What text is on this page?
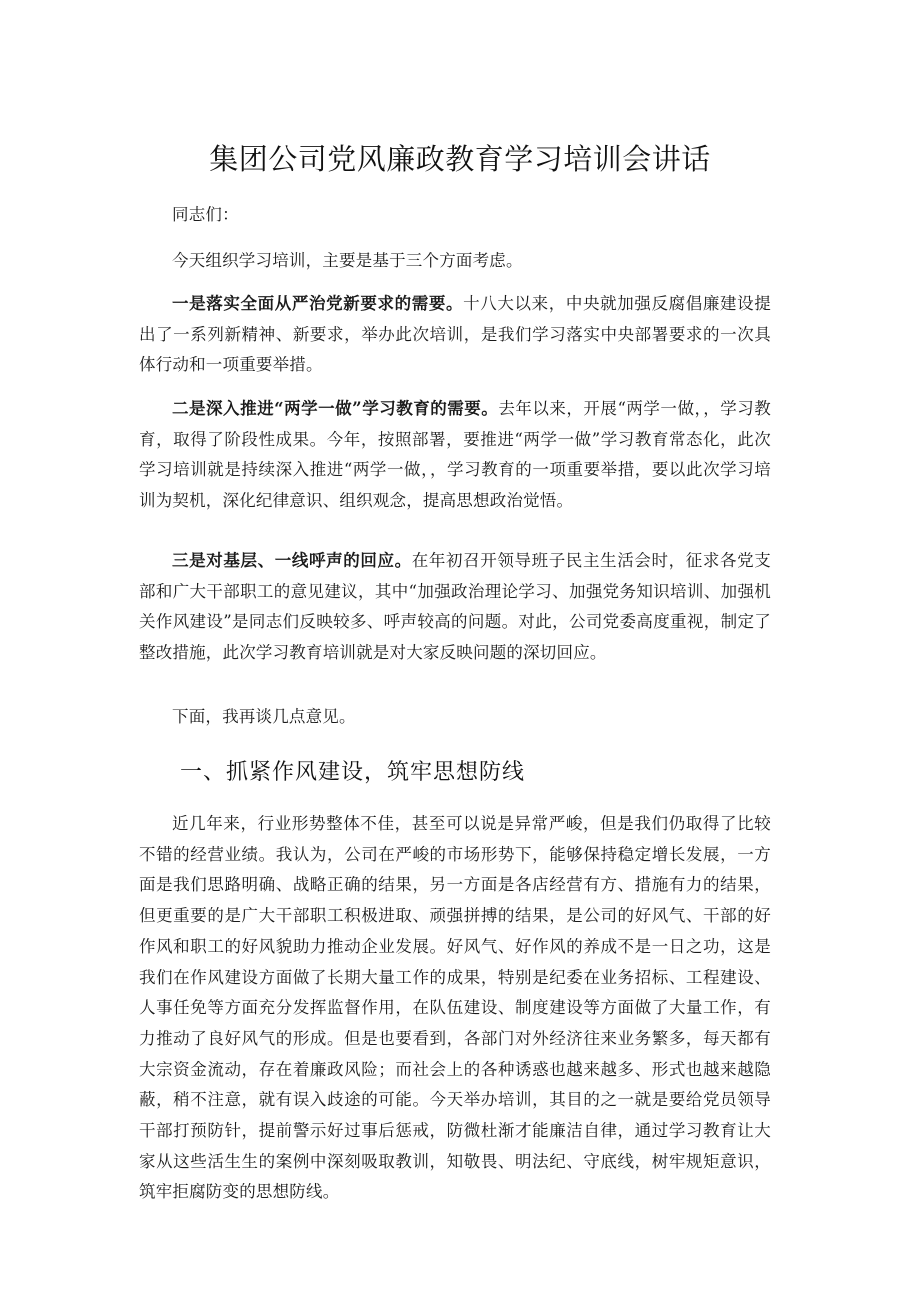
集团公司党风廉政教育学习培训会讲话

同志们：

今天组织学习培训，主要是基于三个方面考虑。

一是落实全面从严治党新要求的需要。十八大以来，中央就加强反腐倡廉建设提出了一系列新精神、新要求，举办此次培训，是我们学习落实中央部署要求的一次具体行动和一项重要举措。

二是深入推进“两学一做”学习教育的需要。去年以来，开展“两学一做，，学习教育，取得了阶段性成果。今年，按照部署，要推进“两学一做”学习教育常态化，此次学习培训就是持续深入推进“两学一做，，学习教育的一项重要举措，要以此次学习培训为契机，深化纪律意识、组织观念，提高思想政治觉悟。

三是对基层、一线呼声的回应。在年初召开领导班子民主生活会时，征求各党支部和广大干部职工的意见建议，其中“加强政治理论学习、加强党务知识培训、加强机关作风建设”是同志们反映较多、呼声较高的问题。对此，公司党委高度重视，制定了整改措施，此次学习教育培训就是对大家反映问题的深切回应。

下面，我再谈几点意见。

一、抓紧作风建设，筑牢思想防线

近几年来，行业形势整体不佳，甚至可以说是异常严峻，但是我们仍取得了比较不错的经营业绩。我认为，公司在严峻的市场形势下，能够保持稳定增长发展，一方面是我们思路明确、战略正确的结果，另一方面是各店经营有方、措施有力的结果，但更重要的是广大干部职工积极进取、顽强拼搏的结果，是公司的好风气、干部的好作风和职工的好风貌助力推动企业发展。好风气、好作风的养成不是一日之功，这是我们在作风建设方面做了长期大量工作的成果，特别是纪委在业务招标、工程建设、人事任免等方面充分发挥监督作用，在队伍建设、制度建设等方面做了大量工作，有力推动了良好风气的形成。但是也要看到，各部门对外经济往来业务繁多，每天都有大宗资金流动，存在着廉政风险；而社会上的各种诱惑也越来越多、形式也越来越隐蔽，稍不注意，就有误入歧途的可能。今天举办培训，其目的之一就是要给党员领导干部打预防针，提前警示好过事后惩戒，防微杜渐才能廉洁自律，通过学习教育让大家从这些活生生的案例中深刻吸取教训，知敬畏、明法纪、守底线，树牢规矩意识，筑牢拒腐防变的思想防线。
